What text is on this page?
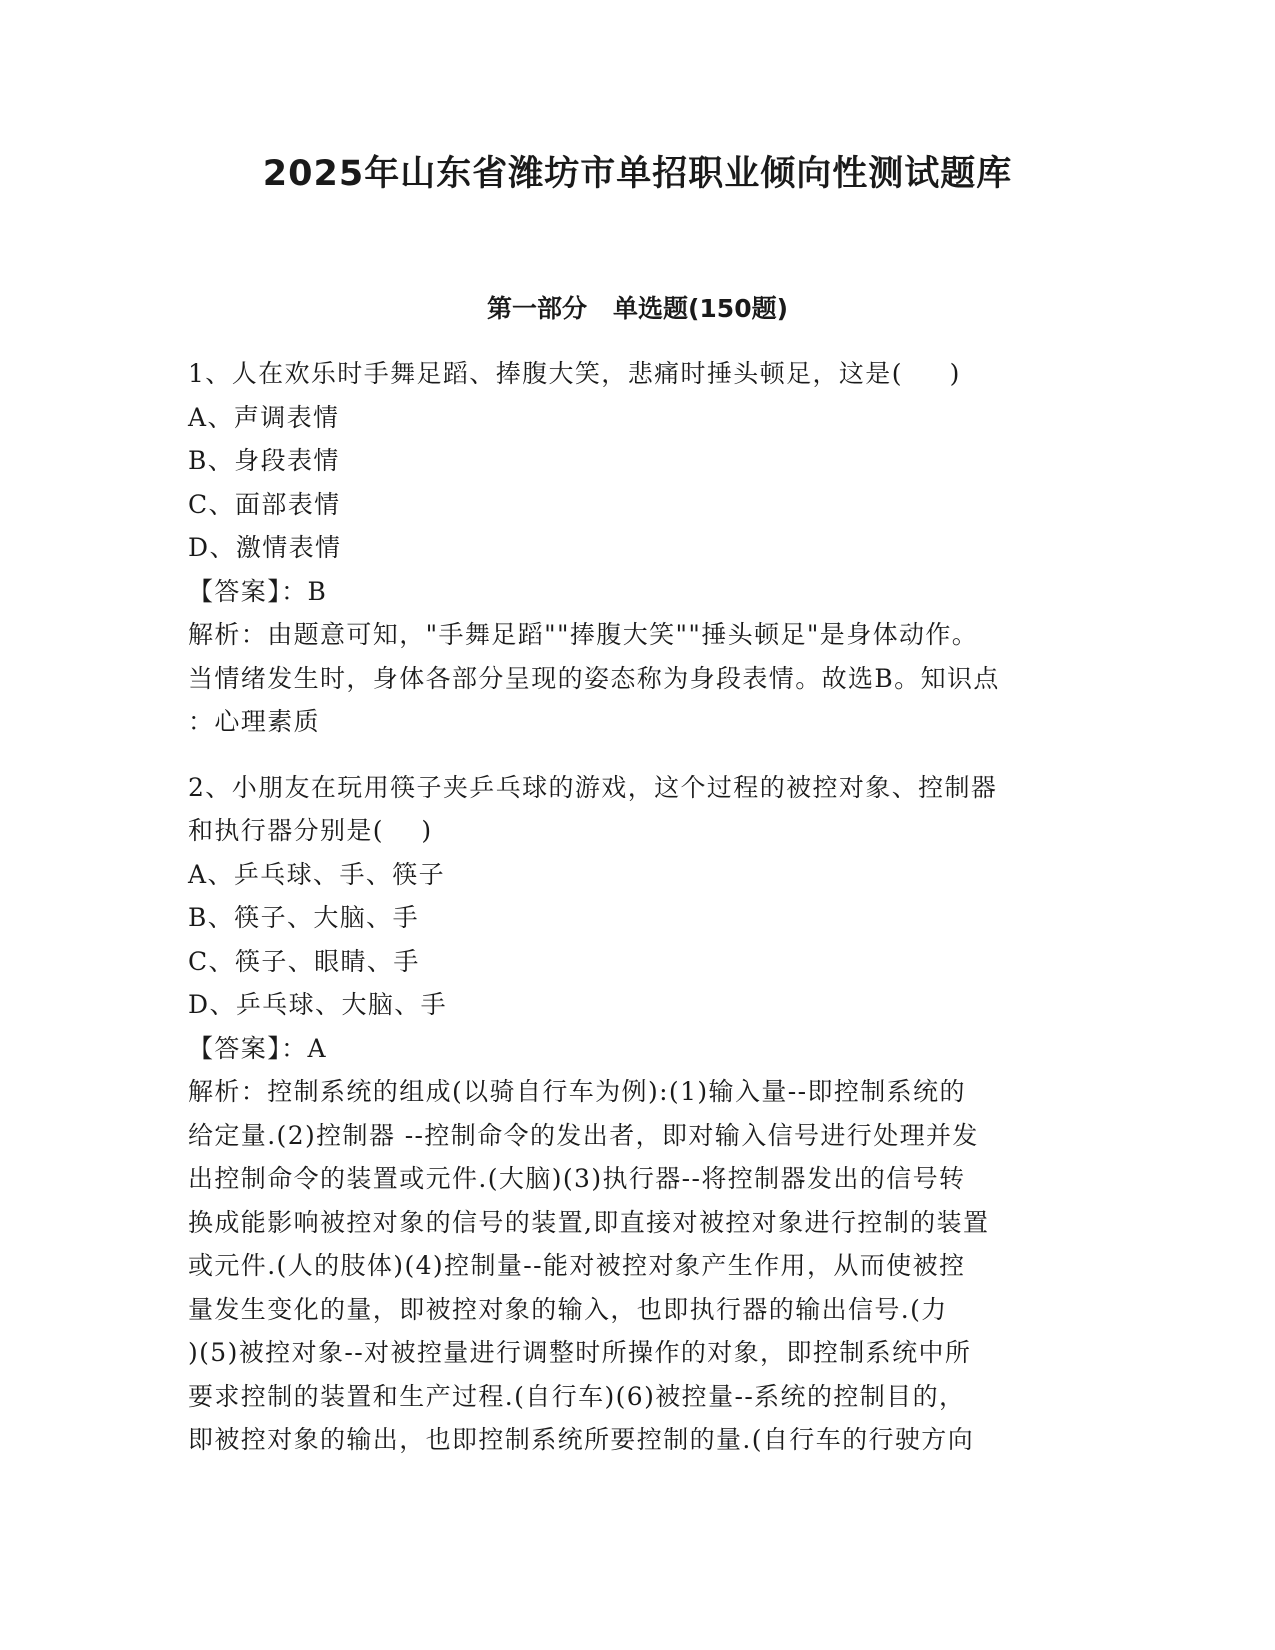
2025年山东省潍坊市单招职业倾向性测试题库
第一部分 单选题(150题)

1、人在欢乐时手舞足蹈、捧腹大笑，悲痛时捶头顿足，这是(     )

A、声调表情

B、身段表情

C、面部表情

D、激情表情

【答案】：B

解析：由题意可知，"手舞足蹈""捧腹大笑""捶头顿足"是身体动作。

当情绪发生时，身体各部分呈现的姿态称为身段表情。故选B。知识点

：心理素质

2、小朋友在玩用筷子夹乒乓球的游戏，这个过程的被控对象、控制器

和执行器分别是(    )

A、乒乓球、手、筷子

B、筷子、大脑、手

C、筷子、眼睛、手

D、乒乓球、大脑、手

【答案】：A

解析：控制系统的组成(以骑自行车为例):(1)输入量--即控制系统的

给定量.(2)控制器 --控制命令的发出者，即对输入信号进行处理并发

出控制命令的装置或元件.(大脑)(3)执行器--将控制器发出的信号转

换成能影响被控对象的信号的装置,即直接对被控对象进行控制的装置

或元件.(人的肢体)(4)控制量--能对被控对象产生作用，从而使被控

量发生变化的量，即被控对象的输入，也即执行器的输出信号.(力

)(5)被控对象--对被控量进行调整时所操作的对象，即控制系统中所

要求控制的装置和生产过程.(自行车)(6)被控量--系统的控制目的，

即被控对象的输出，也即控制系统所要控制的量.(自行车的行驶方向
